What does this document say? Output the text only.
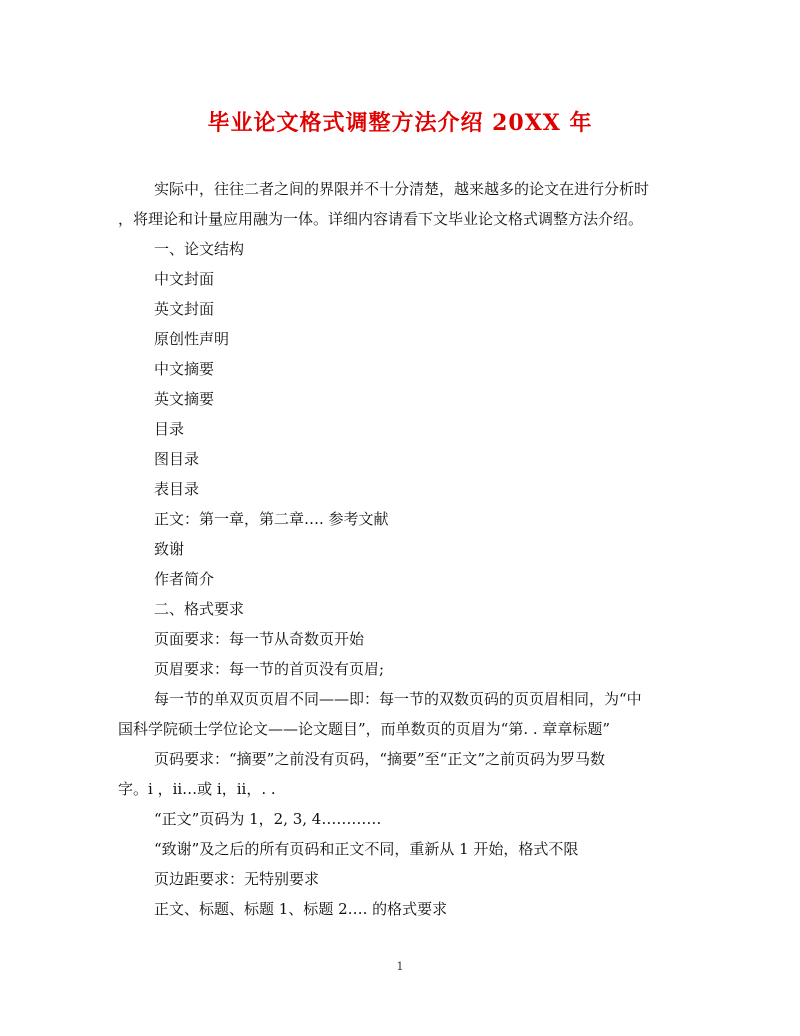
毕业论文格式调整方法介绍 20XX 年

实际中，往往二者之间的界限并不十分清楚，越来越多的论文在进行分析时

，将理论和计量应用融为一体。详细内容请看下文毕业论文格式调整方法介绍。

一、论文结构

中文封面

英文封面

原创性声明

中文摘要

英文摘要

目录

图目录

表目录

正文：第一章，第二章…. 参考文献

致谢

作者简介

二、格式要求

页面要求：每一节从奇数页开始

页眉要求：每一节的首页没有页眉;

每一节的单双页页眉不同——即：每一节的双数页码的页页眉相同，为“中

国科学院硕士学位论文——论文题目”，而单数页的页眉为“第. . 章章标题”

页码要求：“摘要”之前没有页码，“摘要”至“正文”之前页码为罗马数

字。i ，ii…或 i，ii，. .

“正文”页码为 1，2, 3, 4…………

“致谢”及之后的所有页码和正文不同，重新从 1 开始，格式不限

页边距要求：无特别要求

正文、标题、标题 1、标题 2…. 的格式要求

1
